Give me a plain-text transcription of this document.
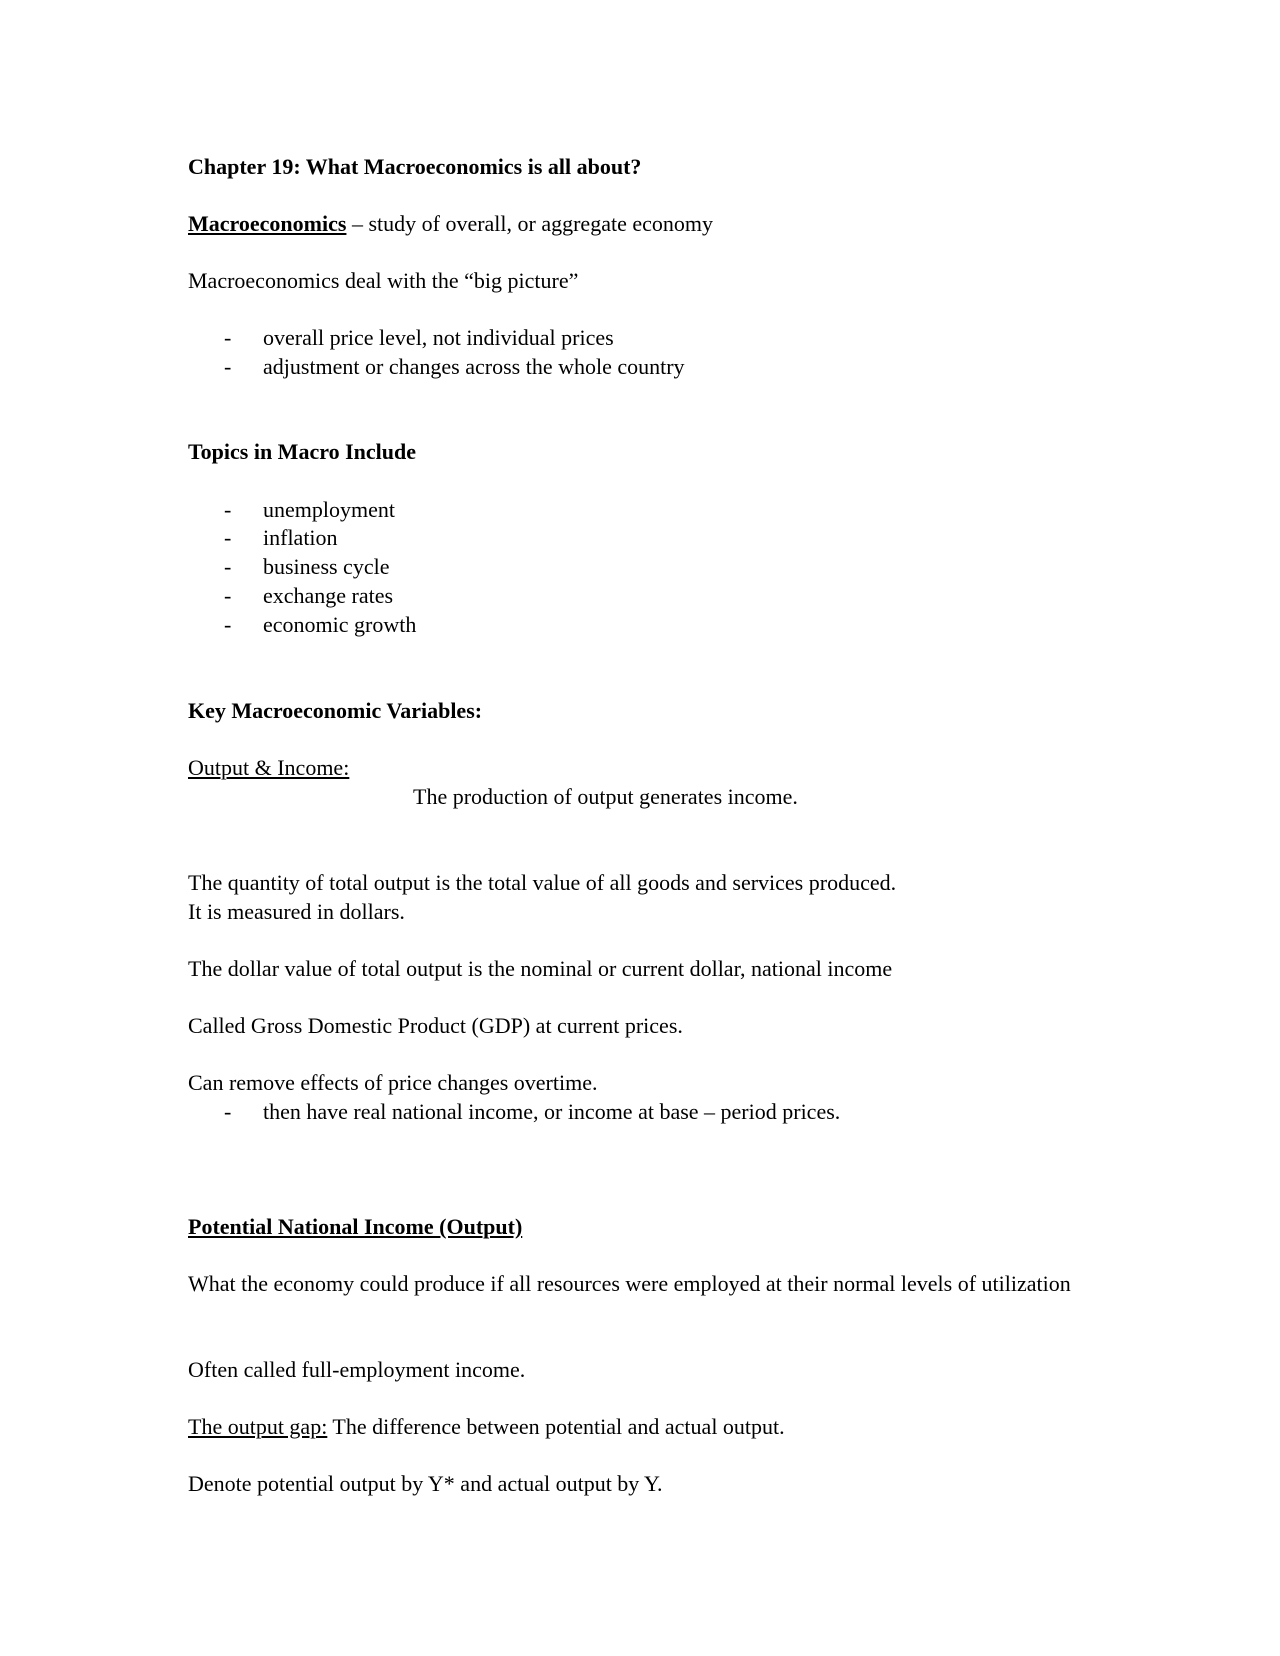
Chapter 19: What Macroeconomics is all about?
Macroeconomics – study of overall, or aggregate economy
Macroeconomics deal with the “big picture”
- overall price level, not individual prices
- adjustment or changes across the whole country
Topics in Macro Include
- unemployment
- inflation
- business cycle
- exchange rates
- economic growth
Key Macroeconomic Variables:
Output & Income:
The production of output generates income.
The quantity of total output is the total value of all goods and services produced.
It is measured in dollars.
The dollar value of total output is the nominal or current dollar, national income
Called Gross Domestic Product (GDP) at current prices.
Can remove effects of price changes overtime.
- then have real national income, or income at base – period prices.
Potential National Income (Output)
What the economy could produce if all resources were employed at their normal levels of utilization
Often called full-employment income.
The output gap: The difference between potential and actual output.
Denote potential output by Y* and actual output by Y.
